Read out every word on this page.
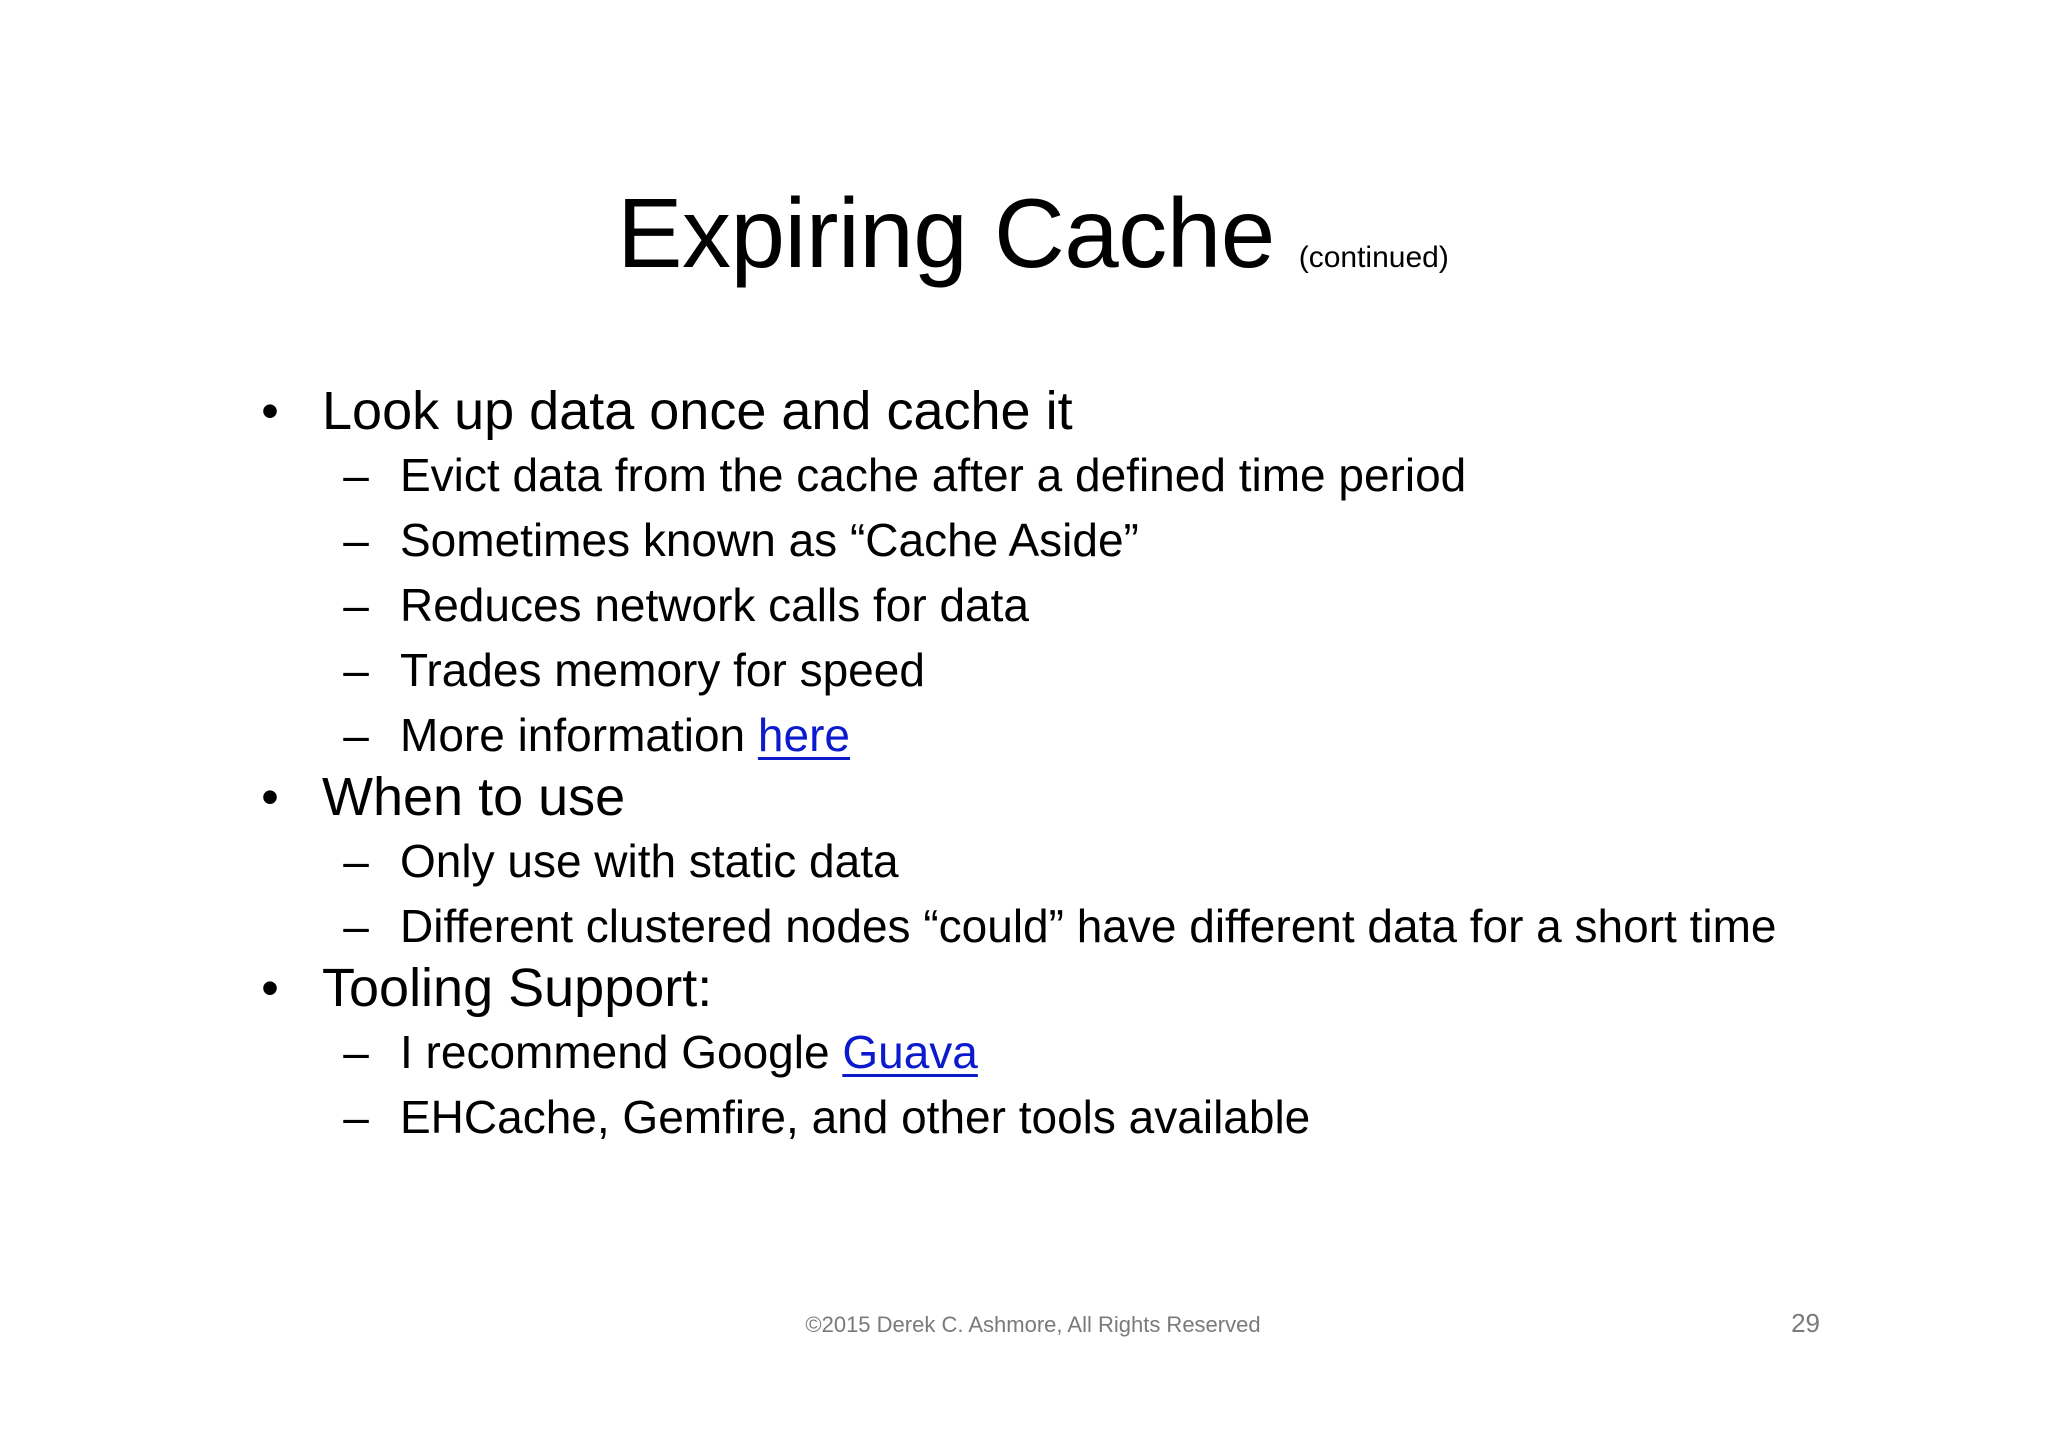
Expiring Cache (continued)
• Look up data once and cache it
– Evict data from the cache after a defined time period
– Sometimes known as “Cache Aside”
– Reduces network calls for data
– Trades memory for speed
– More information here
• When to use
– Only use with static data
– Different clustered nodes “could” have different data for a short time
• Tooling Support:
– I recommend Google Guava
– EHCache, Gemfire, and other tools available
©2015 Derek C. Ashmore, All Rights Reserved	29
